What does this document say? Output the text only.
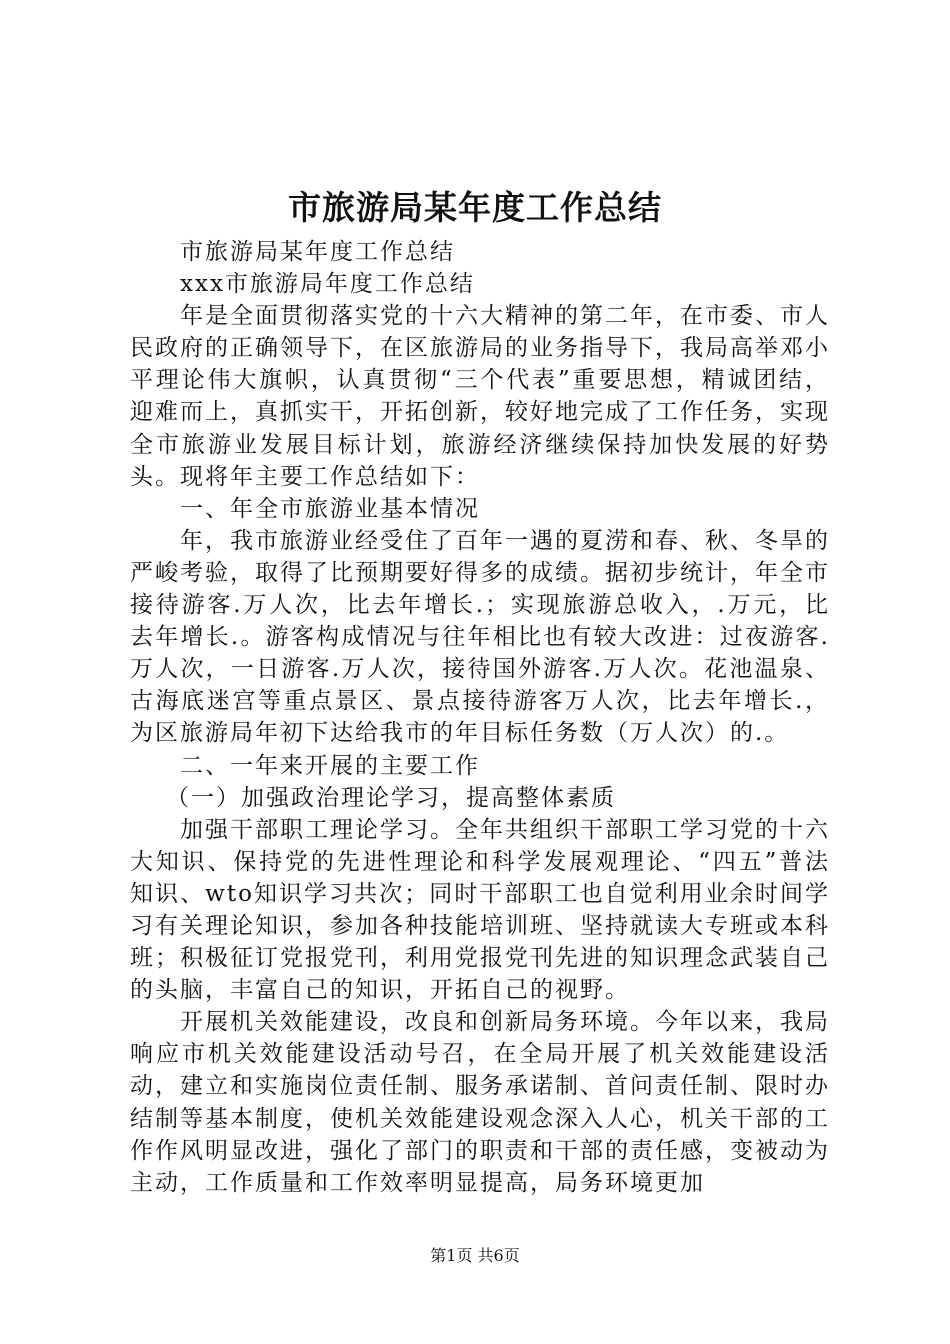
市旅游局某年度工作总结

市旅游局某年度工作总结

xxx市旅游局年度工作总结

年是全面贯彻落实党的十六大精神的第二年，在市委、市人民政府的正确领导下，在区旅游局的业务指导下，我局高举邓小平理论伟大旗帜，认真贯彻“三个代表”重要思想，精诚团结，迎难而上，真抓实干，开拓创新，较好地完成了工作任务，实现全市旅游业发展目标计划，旅游经济继续保持加快发展的好势头。现将年主要工作总结如下：

一、年全市旅游业基本情况

年，我市旅游业经受住了百年一遇的夏涝和春、秋、冬旱的严峻考验，取得了比预期要好得多的成绩。据初步统计，年全市接待游客.万人次，比去年增长.；实现旅游总收入，.万元，比去年增长.。游客构成情况与往年相比也有较大改进：过夜游客.万人次，一日游客.万人次，接待国外游客.万人次。花池温泉、古海底迷宫等重点景区、景点接待游客万人次，比去年增长.，为区旅游局年初下达给我市的年目标任务数（万人次）的.。

二、一年来开展的主要工作

（一）加强政治理论学习，提高整体素质

加强干部职工理论学习。全年共组织干部职工学习党的十六大知识、保持党的先进性理论和科学发展观理论、“四五”普法知识、wto知识学习共次；同时干部职工也自觉利用业余时间学习有关理论知识，参加各种技能培训班、坚持就读大专班或本科班；积极征订党报党刊，利用党报党刊先进的知识理念武装自己的头脑，丰富自己的知识，开拓自己的视野。

开展机关效能建设，改良和创新局务环境。今年以来，我局响应市机关效能建设活动号召，在全局开展了机关效能建设活动，建立和实施岗位责任制、服务承诺制、首问责任制、限时办结制等基本制度，使机关效能建设观念深入人心，机关干部的工作作风明显改进，强化了部门的职责和干部的责任感，变被动为主动，工作质量和工作效率明显提高，局务环境更加

第1页 共6页
